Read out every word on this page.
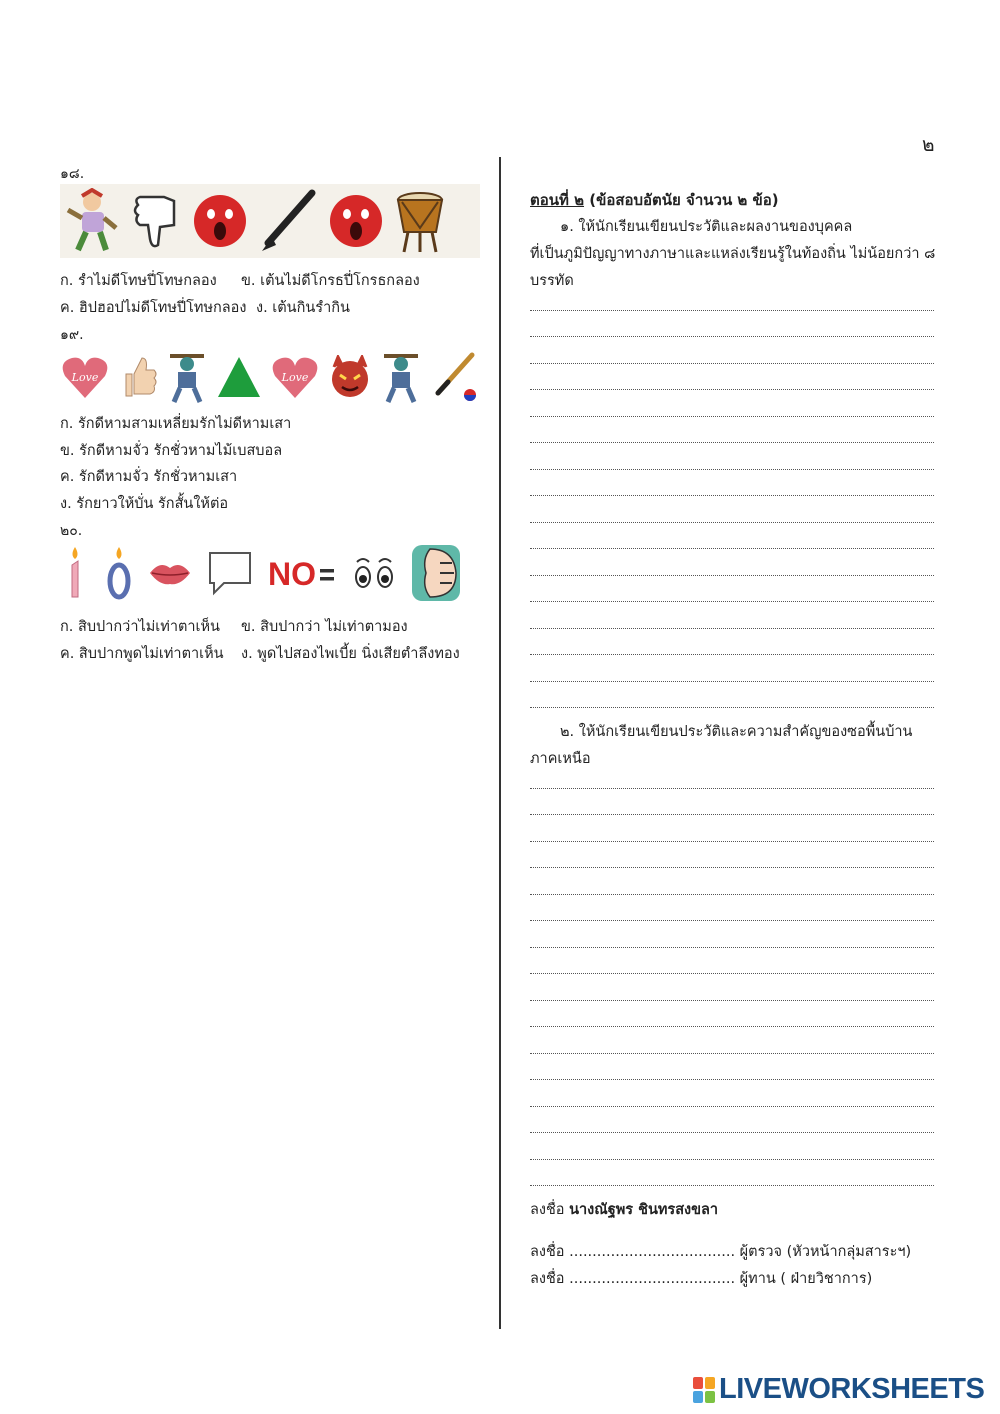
๒
๑๘.
ก. รำไม่ดีโทษปี่โทษกลอง ข. เต้นไม่ดีโกรธปี่โกรธกลอง
ค. ฮิปฮอปไม่ดีโทษปี่โทษกลอง ง. เต้นกินรำกิน
๑๙.
Love	Love
ก. รักดีหามสามเหลี่ยมรักไม่ดีหามเสา
ข. รักดีหามจั่ว รักชั่วหามไม้เบสบอล
ค. รักดีหามจั่ว รักชั่วหามเสา
ง. รักยาวให้บั่น รักสั้นให้ต่อ
๒๐.
NO
ก. สิบปากว่าไม่เท่าตาเห็น ข. สิบปากว่า ไม่เท่าตามอง
ค. สิบปากพูดไม่เท่าตาเห็น ง. พูดไปสองไพเบี้ย นิ่งเสียตำลึงทอง
ตอนที่ ๒ (ข้อสอบอัตนัย จำนวน ๒ ข้อ)
๑. ให้นักเรียนเขียนประวัติและผลงานของบุคคล
ที่เป็นภูมิปัญญาทางภาษาและแหล่งเรียนรู้ในท้องถิ่น ไม่น้อยกว่า ๘
บรรทัด
๒. ให้นักเรียนเขียนประวัติและความสำคัญของซอพื้นบ้าน
ภาคเหนือ
ลงชื่อ นางณัฐพร ชินทรสงขลา
ลงชื่อ .................................... ผู้ตรวจ (หัวหน้ากลุ่มสาระฯ)
ลงชื่อ .................................... ผู้ทาน ( ฝ่ายวิชาการ)
LIVEWORKSHEETS
